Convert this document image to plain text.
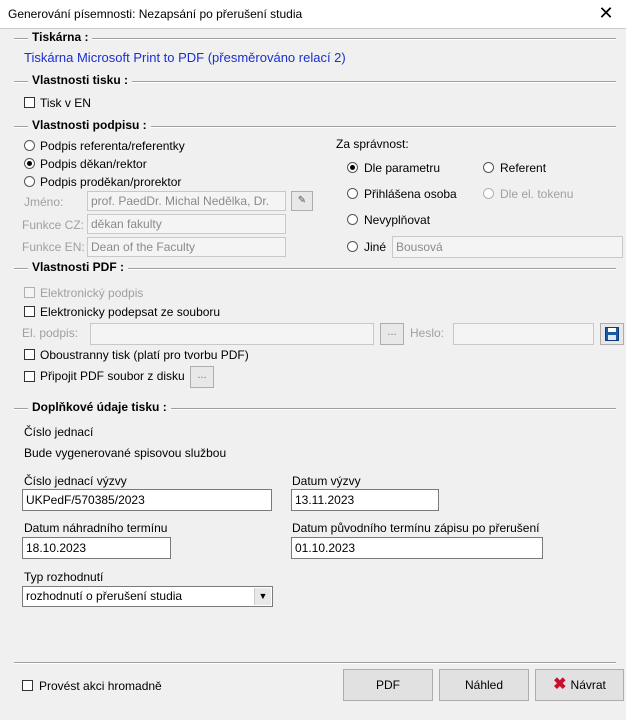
Generování písemnosti: Nezapsání po přerušení studia	✕
Tiskárna :
Tiskárna Microsoft Print to PDF (přesměrováno relací 2)
Vlastnosti tisku :
Tisk v EN
Vlastnosti podpisu :
Podpis referenta/referentky
Podpis děkan/rektor
Podpis proděkan/prorektor
Jméno:	prof. PaedDr. Michal Nedělka, Dr.	✎
Funkce CZ: děkan fakulty
Funkce EN: Dean of the Faculty
Za správnost:
Dle parametru	Referent
Přihlášena osoba	Dle el. tokenu
Nevyplňovat
Jiné Bousová
Vlastnosti PDF :
Elektronický podpis
Elektronicky podepsat ze souboru
El. podpis:	...	Heslo:
Oboustranny tisk (platí pro tvorbu PDF)
Připojit PDF soubor z disku	...
Doplňkové údaje tisku :
Číslo jednací
Bude vygenerované spisovou službou
Číslo jednací výzvy
UKPedF/570385/2023
Datum výzvy
13.11.2023
Datum náhradního termínu
18.10.2023
Datum původního termínu zápisu po přerušení
01.10.2023
Typ rozhodnutí
rozhodnutí o přerušení studia	▼
Provést akci hromadně	PDF	Náhled	✖ Návrat
